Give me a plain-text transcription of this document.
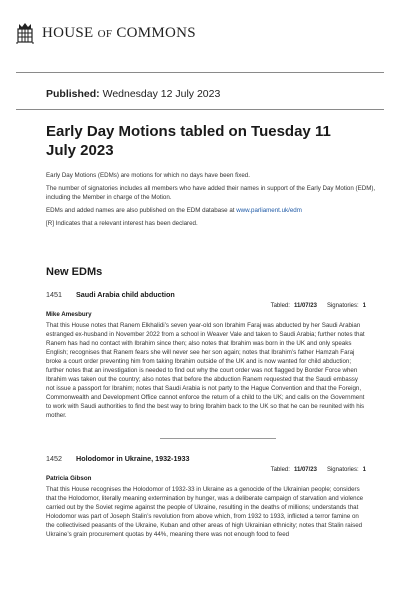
HOUSE OF COMMONS
Published: Wednesday 12 July 2023
Early Day Motions tabled on Tuesday 11 July 2023

Early Day Motions (EDMs) are motions for which no days have been fixed.

The number of signatories includes all members who have added their names in support of the Early Day Motion (EDM), including the Member in charge of the Motion.

EDMs and added names are also published on the EDM database at www.parliament.uk/edm

[R] Indicates that a relevant interest has been declared.

New EDMs
1451	Saudi Arabia child abduction
Tabled: 11/07/23 Signatories: 1
Mike Amesbury
That this House notes that Ranem Elkhalidi’s seven year-old son Ibrahim Faraj was abducted by her Saudi Arabian estranged ex-husband in November 2022 from a school in Weaver Vale and taken to Saudi Arabia; further notes that Ranem has had no contact with Ibrahim since then; also notes that Ibrahim was born in the UK and only speaks English; recognises that Ranem fears she will never see her son again; notes that Ibrahim’s father Hamzah Faraj broke a court order preventing him from taking Ibrahim outside of the UK and is now wanted for child abduction; further notes that an investigation is needed to find out why the court order was not flagged by Border Force when Ibrahim was taken out the country; also notes that before the abduction Ranem requested that the Saudi embassy not issue a passport for Ibrahim; notes that Saudi Arabia is not party to the Hague Convention and that the Foreign, Commonwealth and Development Office cannot enforce the return of a child to the UK; and calls on the Government to work with Saudi authorities to find the best way to bring Ibrahim back to the UK so that he can be reunited with his mother.
1452	Holodomor in Ukraine, 1932-1933
Tabled: 11/07/23 Signatories: 1
Patricia Gibson
That this House recognises the Holodomor of 1932-33 in Ukraine as a genocide of the Ukrainian people; considers that the Holodomor, literally meaning extermination by hunger, was a deliberate campaign of starvation and violence carried out by the Soviet regime against the people of Ukraine, resulting in the deaths of millions; understands that Holodomor was part of Joseph Stalin’s revolution from above which, from 1932 to 1933, inflicted a terror famine on the collectivised peasants of the Ukraine, Kuban and other areas of high Ukrainian ethnicity; notes that Stalin raised Ukraine’s grain procurement quotas by 44%, meaning there was not enough food to feed
